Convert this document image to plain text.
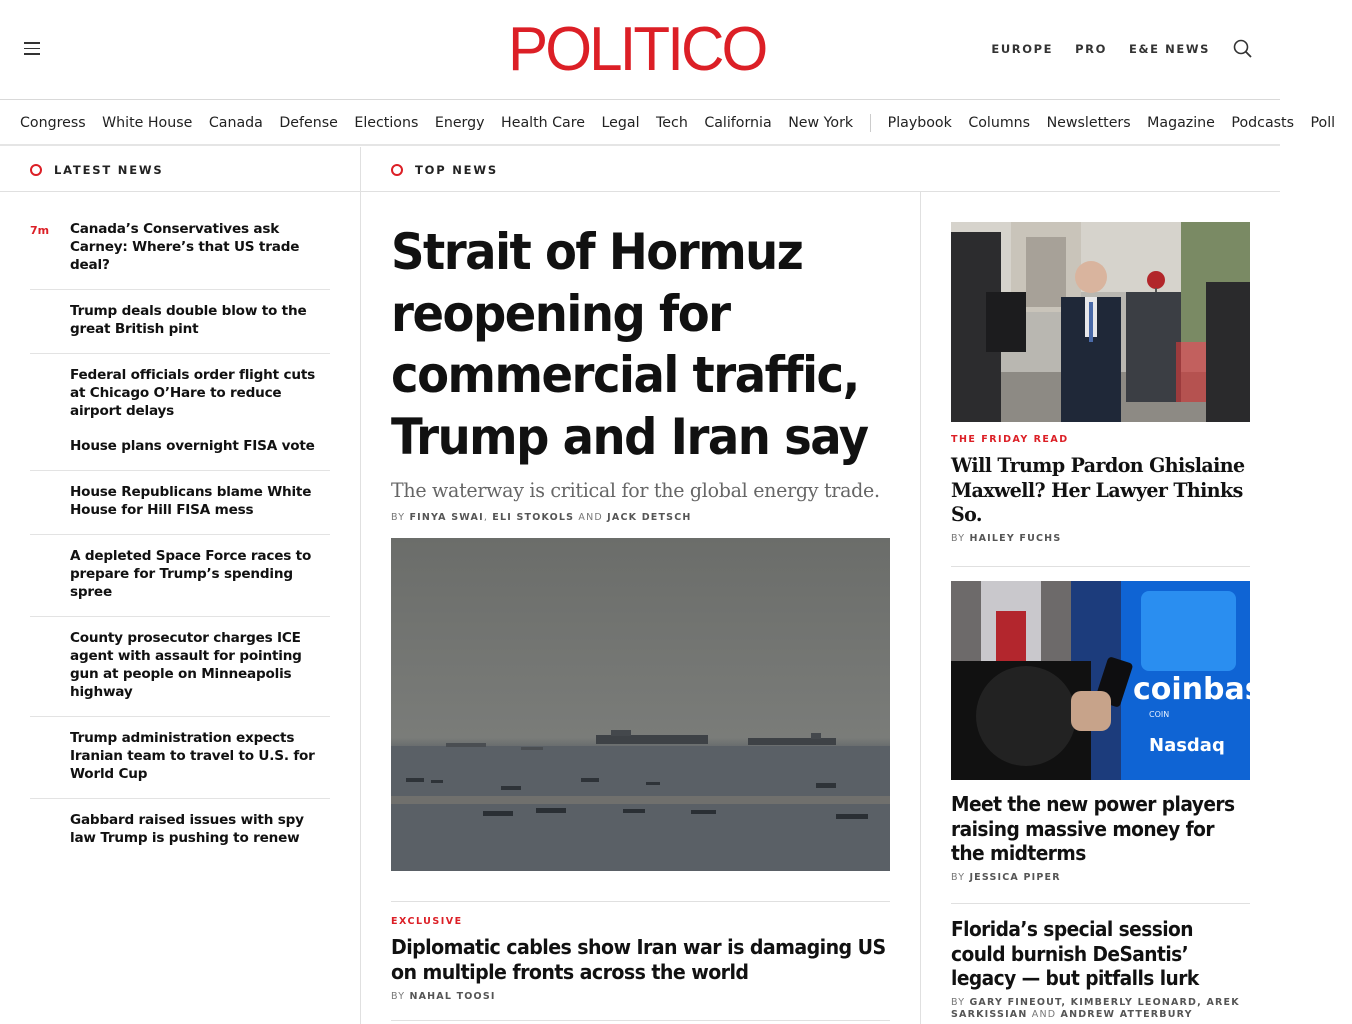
POLITICO	EUROPE PRO E&E NEWS
Congress White House Canada Defense Elections Energy Health Care Legal Tech California New York Playbook Columns Newsletters Magazine Podcasts Poll
LATEST NEWS	TOP NEWS
7m Canada’s Conservatives ask Carney: Where’s that US trade deal?
Trump deals double blow to the great British pint
Federal officials order flight cuts at Chicago O’Hare to reduce airport delays
House plans overnight FISA vote
House Republicans blame White House for Hill FISA mess
A depleted Space Force races to prepare for Trump’s spending spree
County prosecutor charges ICE agent with assault for pointing gun at people on Minneapolis highway
Trump administration expects Iranian team to travel to U.S. for World Cup
Gabbard raised issues with spy law Trump is pushing to renew
Strait of Hormuz reopening for commercial traffic, Trump and Iran say
The waterway is critical for the global energy trade.
BY FINYA SWAI, ELI STOKOLS AND JACK DETSCH
EXCLUSIVE
Diplomatic cables show Iran war is damaging US on multiple fronts across the world
BY NAHAL TOOSI
THE FRIDAY READ
Will Trump Pardon Ghislaine Maxwell? Her Lawyer Thinks So.
BY HAILEY FUCHS
coinbase
COIN
Nasdaq
Meet the new power players raising massive money for the midterms
BY JESSICA PIPER
Florida’s special session could burnish DeSantis’ legacy — but pitfalls lurk
BY GARY FINEOUT, KIMBERLY LEONARD, AREK
SARKISSIAN AND ANDREW ATTERBURY
